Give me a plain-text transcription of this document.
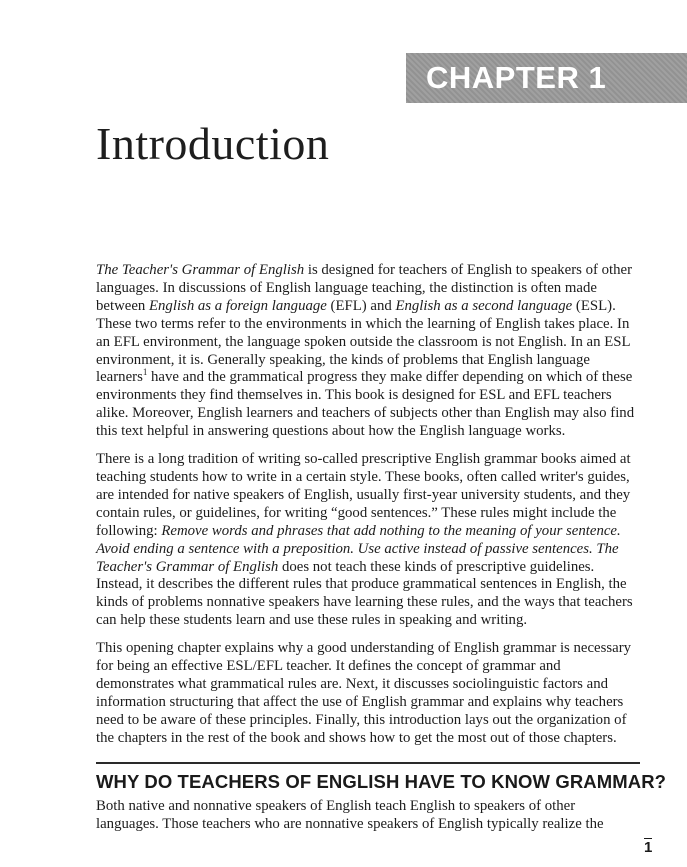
CHAPTER 1
Introduction

The Teacher's Grammar of English is designed for teachers of English to speakers of other languages. In discussions of English language teaching, the distinction is often made between English as a foreign language (EFL) and English as a second language (ESL). These two terms refer to the environments in which the learning of English takes place. In an EFL environment, the language spoken outside the classroom is not English. In an ESL environment, it is. Generally speaking, the kinds of problems that English language learners$^1$ have and the grammatical progress they make differ depending on which of these environments they find themselves in. This book is designed for ESL and EFL teachers alike. Moreover, English learners and teachers of subjects other than English may also find this text helpful in answering questions about how the English language works.

There is a long tradition of writing so-called prescriptive English grammar books aimed at teaching students how to write in a certain style. These books, often called writer's guides, are intended for native speakers of English, usually first-year university students, and they contain rules, or guidelines, for writing “good sentences.” These rules might include the following: Remove words and phrases that add nothing to the meaning of your sentence. Avoid ending a sentence with a preposition. Use active instead of passive sentences. The Teacher's Grammar of English does not teach these kinds of prescriptive guidelines. Instead, it describes the different rules that produce grammatical sentences in English, the kinds of problems nonnative speakers have learning these rules, and the ways that teachers can help these students learn and use these rules in speaking and writing.

This opening chapter explains why a good understanding of English grammar is necessary for being an effective ESL/EFL teacher. It defines the concept of grammar and demonstrates what grammatical rules are. Next, it discusses sociolinguistic factors and information structuring that affect the use of English grammar and explains why teachers need to be aware of these principles. Finally, this introduction lays out the organization of the chapters in the rest of the book and shows how to get the most out of those chapters.

WHY DO TEACHERS OF ENGLISH HAVE TO KNOW GRAMMAR?

Both native and nonnative speakers of English teach English to speakers of other languages. Those teachers who are nonnative speakers of English typically realize the

1
